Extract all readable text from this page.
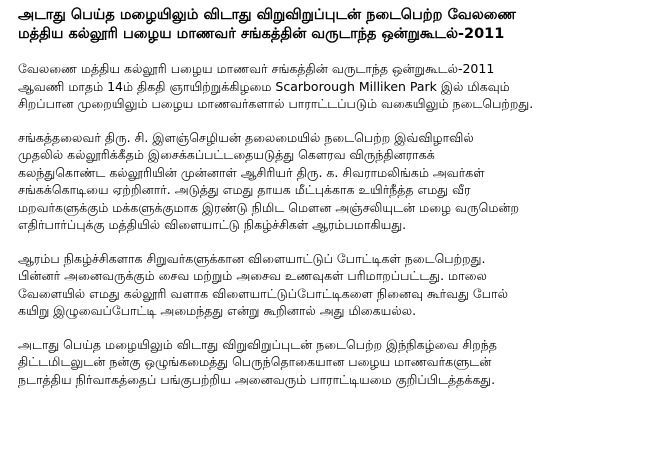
அடாது பெய்த மழையிலும் விடாது விறுவிறுப்புடன் நடைபெற்ற வேலணை
மத்திய கல்லூரி பழைய மாணவர் சங்கத்தின் வருடாந்த ஒன்றுகூடல்-2011
வேலணை மத்திய கல்லூரி பழைய மாணவர் சங்கத்தின் வருடாந்த ஒன்றுகூடல்-2011
ஆவணி மாதம் 14ம் திகதி ஞாயிற்றுக்கிழமை Scarborough Milliken Park இல் மிகவும்
சிறப்பான முறையிலும் பழைய மாணவர்களால் பாராட்டப்படும் வகையிலும் நடைபெற்றது.
சங்கத்தலைவர் திரு. சி. இளஞ்செழியன் தலைமையில் நடைபெற்ற இவ்விழாவில்
முதலில் கல்லூரிக்கீதம் இசைக்கப்பட்டதையடுத்து கௌரவ விருந்தினராகக்
கலந்துகொண்ட கல்லூரியின் முன்னாள் ஆசிரியர் திரு. க. சிவராமலிங்கம் அவர்கள்
சங்கக்கொடியை ஏற்றினார். அடுத்து எமது தாயக மீட்புக்காக உயிர்நீத்த எமது வீர
மறவர்களுக்கும் மக்களுக்குமாக இரண்டு நிமிட மௌன அஞ்சலியுடன் மழை வருமென்ற
எதிர்பார்ப்புக்கு மத்தியில் விளையாட்டு நிகழ்ச்சிகள் ஆரம்பமாகியது.
ஆரம்ப நிகழ்ச்சிகளாக சிறுவர்களுக்கான விளையாட்டுப் போட்டிகள் நடைபெற்றது.
பின்னர் அனைவருக்கும் சைவ மற்றும் அசைவ உணவுகள் பரிமாறப்பட்டது. மாலை
வேளையில் எமது கல்லூரி வளாக விளையாட்டுப்போட்டிகளை நினைவு கூர்வது போல்
கயிறு இழுவைப்போட்டி அமைந்தது என்று கூறினால் அது மிகையல்ல.
அடாது பெய்த மழையிலும் விடாது விறுவிறுப்புடன் நடைபெற்ற இந்நிகழ்வை சிறந்த
திட்டமிடலுடன் நன்கு ஒழுங்கமைத்து பெருந்தொகையான பழைய மாணவர்களுடன்
நடாத்திய நிர்வாகத்தைப் பங்குபற்றிய அனைவரும் பாராட்டியமை குறிப்பிடத்தக்கது.
